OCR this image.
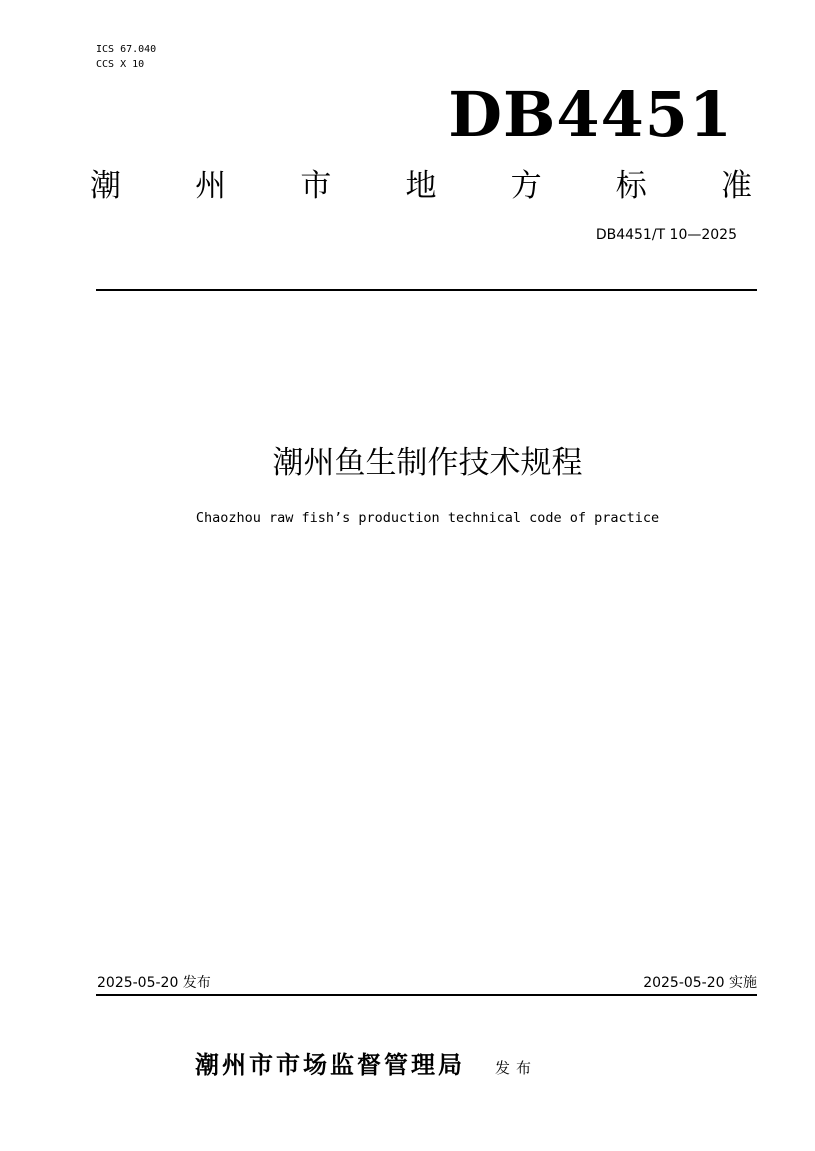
ICS 67.040
CCS X 10
DB4451
潮 州 市 地 方 标 准
DB4451/T 10—2025
潮州鱼生制作技术规程
Chaozhou raw fish’s production technical code of practice
2025-05-20 发布	2025-05-20 实施
潮州市市场监督管理局 发布
